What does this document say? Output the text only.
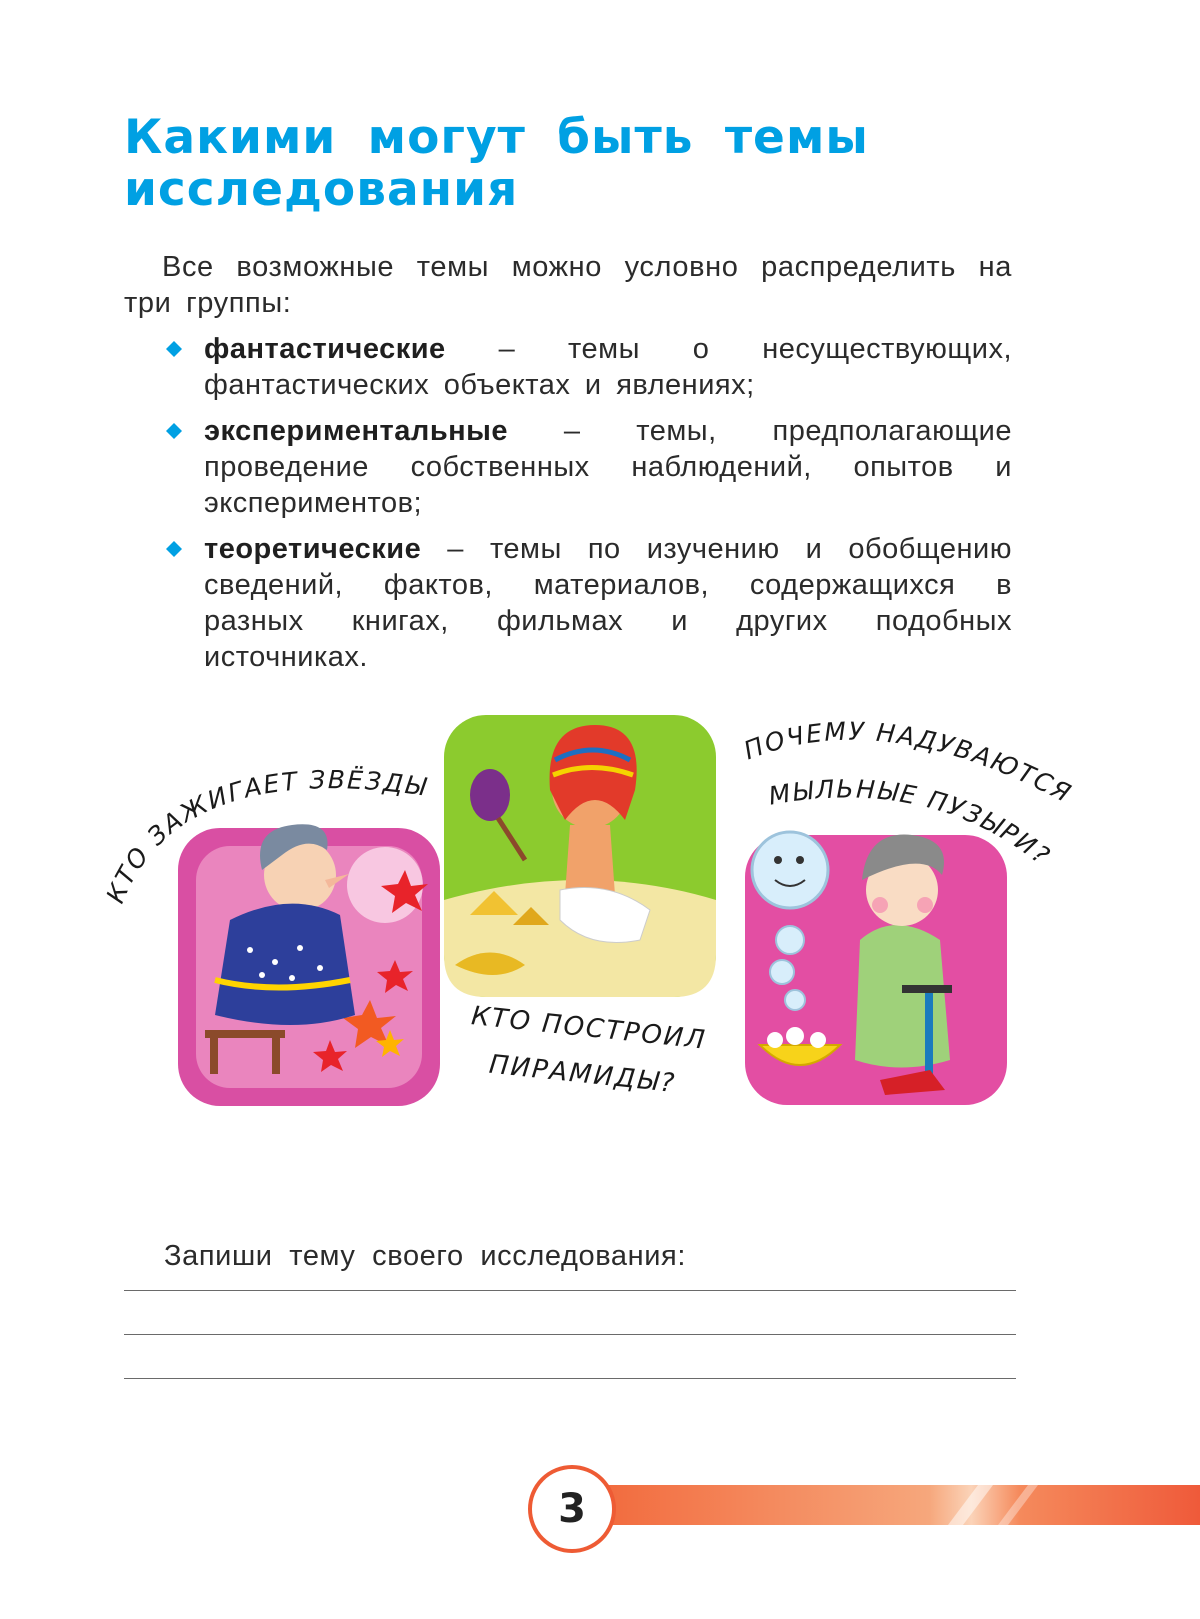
Какими могут быть темы исследования

Все возможные темы можно условно распределить на три группы:

фантастические – темы о несуществующих, фантастических объектах и явлениях;
экспериментальные – темы, предполагающие проведение собственных наблюдений, опытов и экспериментов;
теоретические – темы по изучению и обобщению сведений, фактов, материалов, содержащихся в разных книгах, фильмах и других подобных источниках.
КТО ЗАЖИГАЕТ ЗВЁЗДЫ
КТО ПОСТРОИЛ
ПИРАМИДЫ?
ПОЧЕМУ НАДУВАЮТСЯ
МЫЛЬНЫЕ ПУЗЫРИ?

Запиши тему своего исследования:

3
